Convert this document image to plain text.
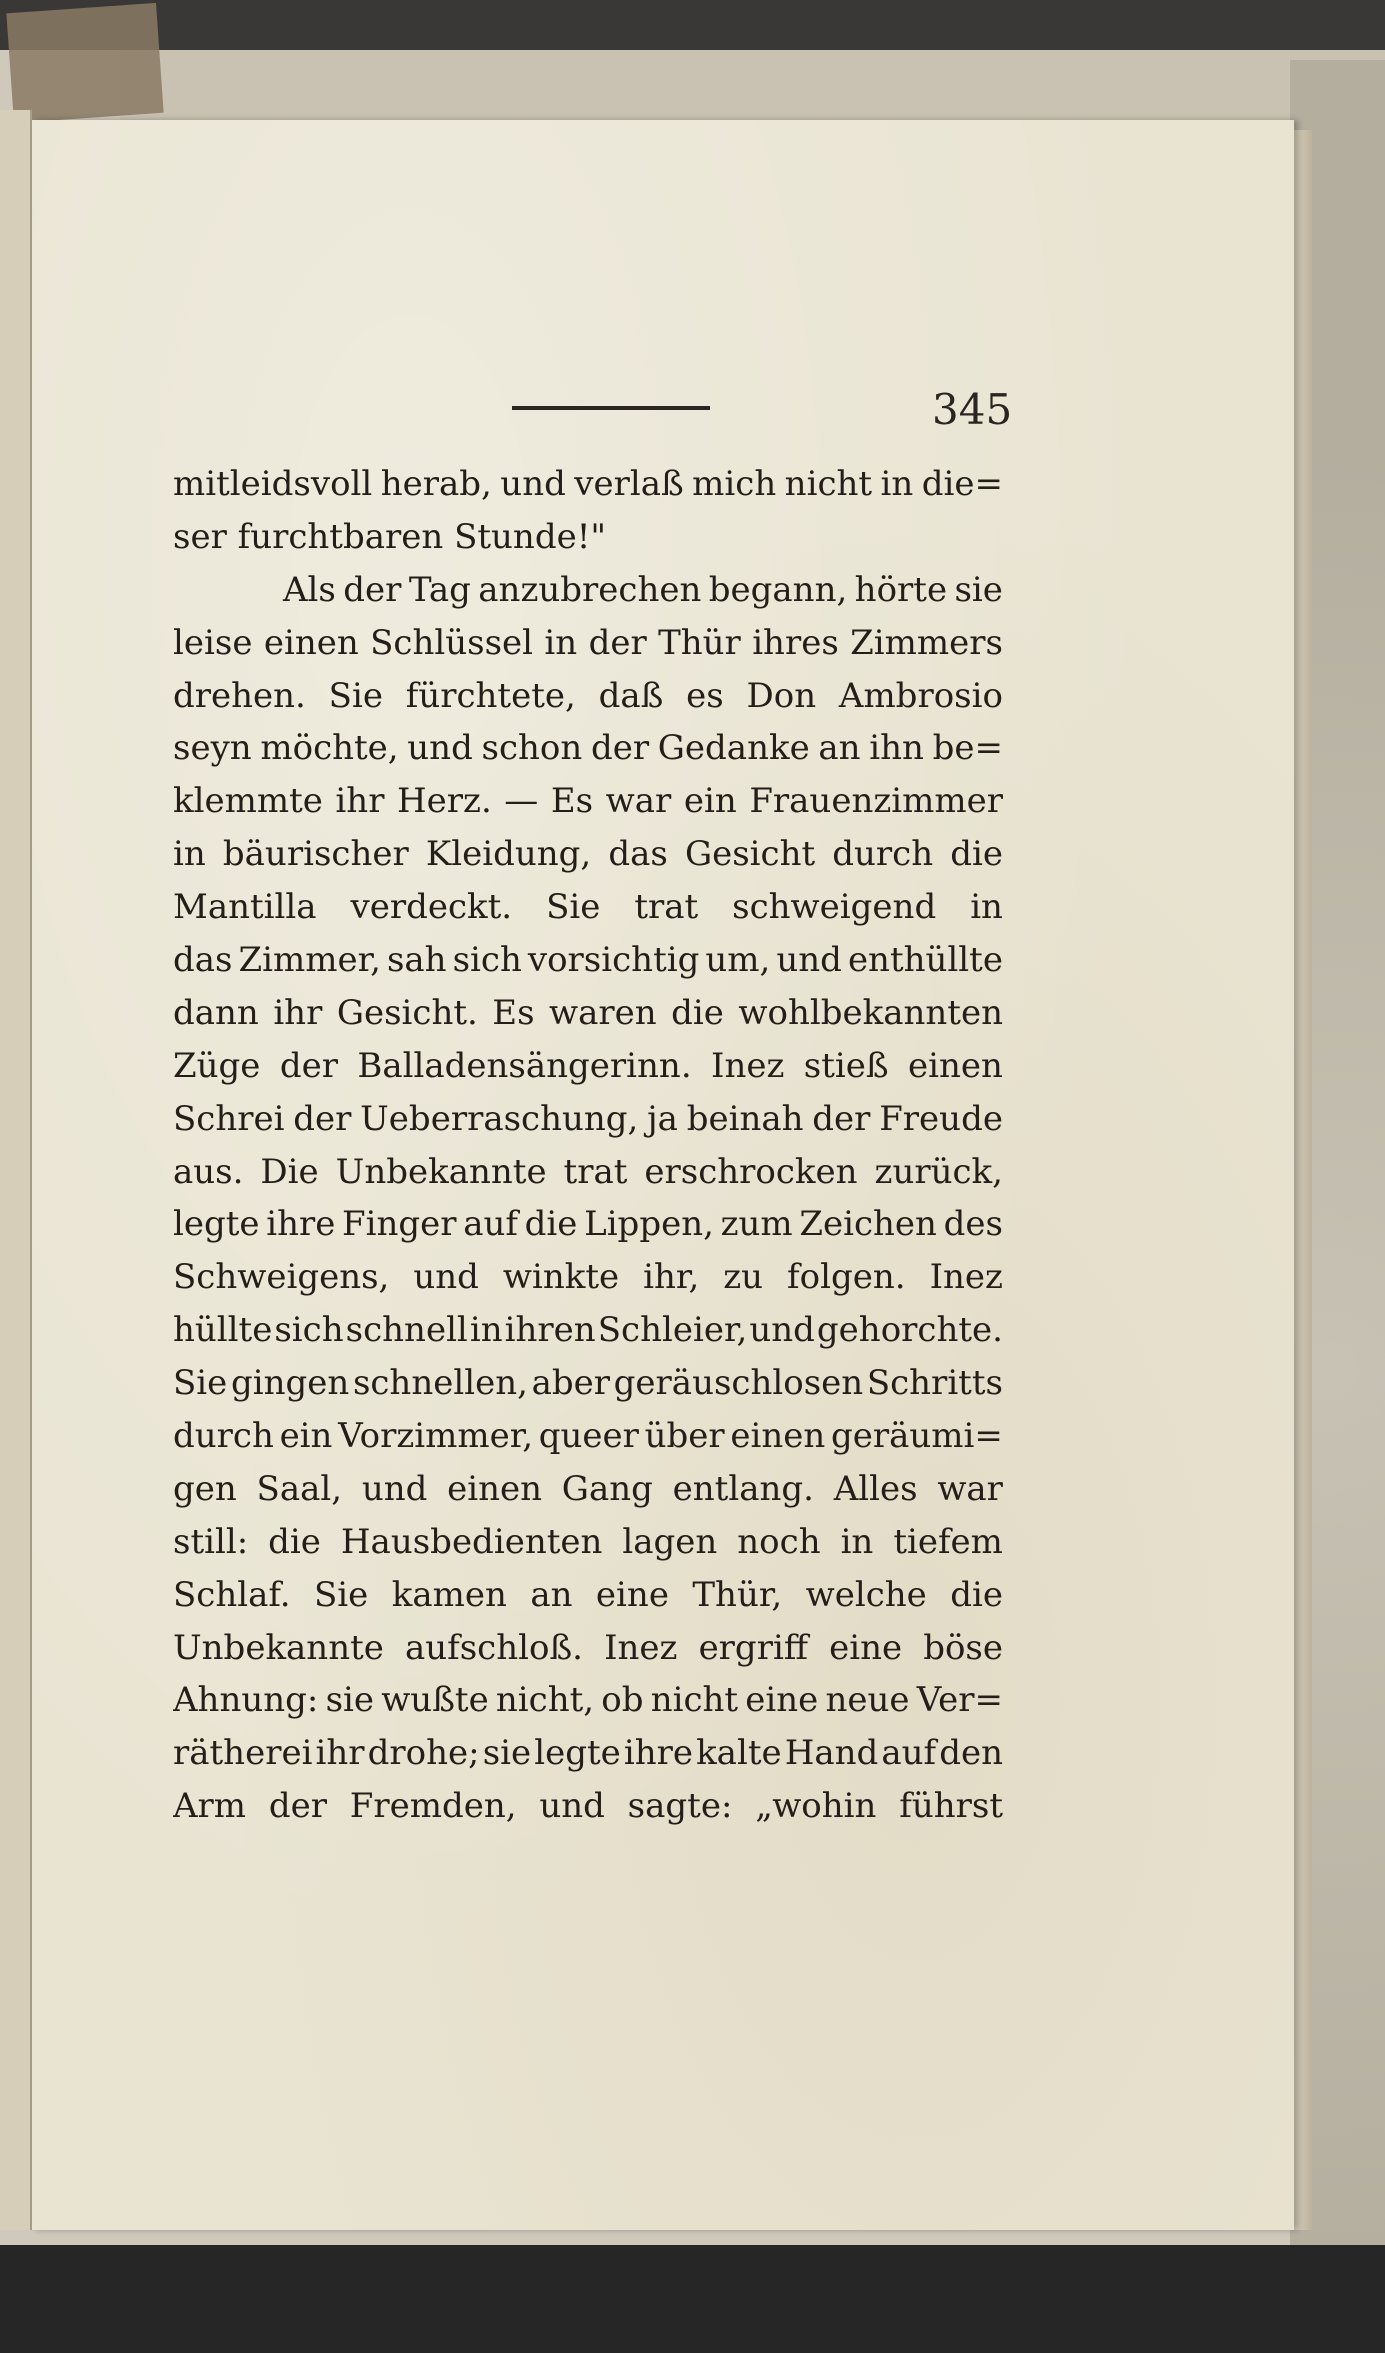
345
mitleidsvoll herab, und verlaß mich nicht in die=
ser furchtbaren Stunde!"
Als der Tag anzubrechen begann, hörte sie
leise einen Schlüssel in der Thür ihres Zimmers
drehen. Sie fürchtete, daß es Don Ambrosio
seyn möchte, und schon der Gedanke an ihn be=
klemmte ihr Herz. — Es war ein Frauenzimmer
in bäurischer Kleidung, das Gesicht durch die
Mantilla verdeckt. Sie trat schweigend in
das Zimmer, sah sich vorsichtig um, und enthüllte
dann ihr Gesicht. Es waren die wohlbekannten
Züge der Balladensängerinn. Inez stieß einen
Schrei der Ueberraschung, ja beinah der Freude
aus. Die Unbekannte trat erschrocken zurück,
legte ihre Finger auf die Lippen, zum Zeichen des
Schweigens, und winkte ihr, zu folgen. Inez
hüllte sich schnell in ihren Schleier, und gehorchte.
Sie gingen schnellen, aber geräuschlosen Schritts
durch ein Vorzimmer, queer über einen geräumi=
gen Saal, und einen Gang entlang. Alles war
still: die Hausbedienten lagen noch in tiefem
Schlaf. Sie kamen an eine Thür, welche die
Unbekannte aufschloß. Inez ergriff eine böse
Ahnung: sie wußte nicht, ob nicht eine neue Ver=
rätherei ihr drohe; sie legte ihre kalte Hand auf den
Arm der Fremden, und sagte: „wohin führst
